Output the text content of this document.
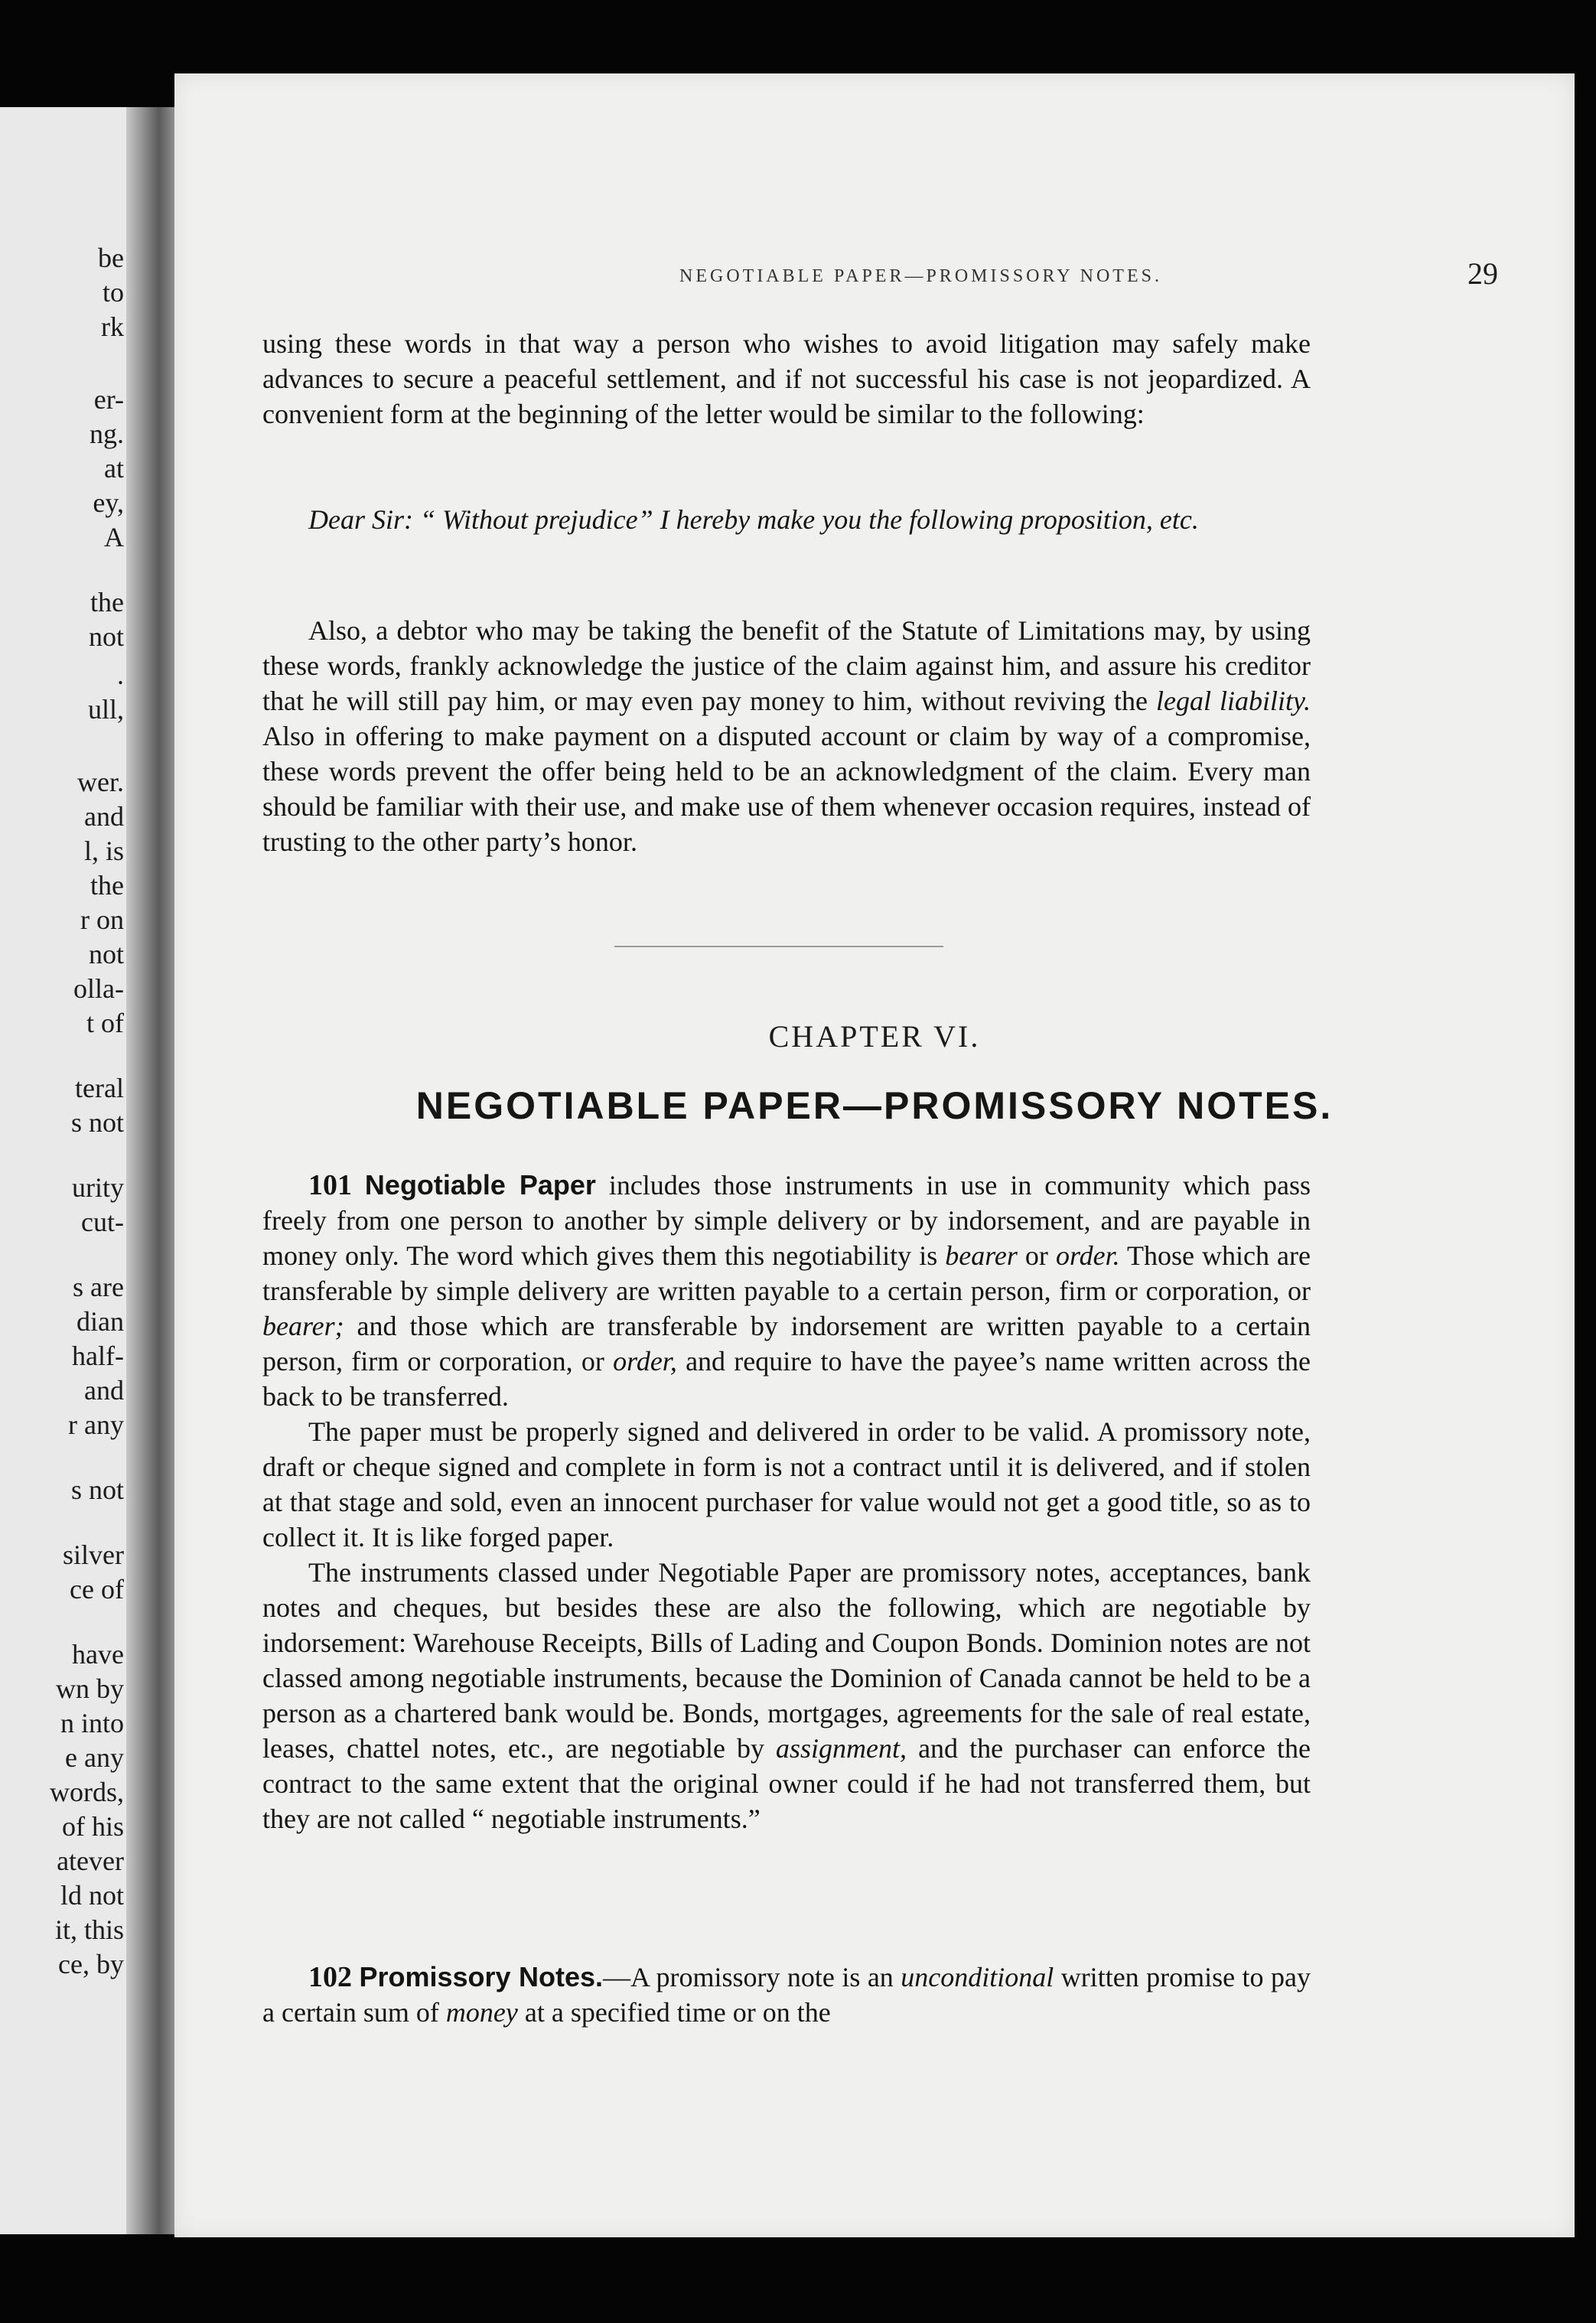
be
to
rk
er-
ng.
at
ey,
A
the
not
.
ull,
wer.
and
l, is
the
r on
not
olla-
t of
teral
s not
urity
cut-
s are
dian
half-
and
r any
s not
silver
ce of
have
wn by
n into
e any
words,
of his
atever
ld not
it, this
ce, by
NEGOTIABLE PAPER—PROMISSORY NOTES.	29

using these words in that way a person who wishes to avoid litigation may safely make advances to secure a peaceful settlement, and if not successful his case is not jeopardized. A convenient form at the beginning of the letter would be similar to the following:

Dear Sir: “ Without prejudice” I hereby make you the following proposition, etc.

Also, a debtor who may be taking the benefit of the Statute of Limitations may, by using these words, frankly acknowledge the justice of the claim against him, and assure his creditor that he will still pay him, or may even pay money to him, without reviving the legal liability. Also in offering to make payment on a disputed account or claim by way of a compromise, these words prevent the offer being held to be an acknowledgment of the claim. Every man should be familiar with their use, and make use of them whenever occasion requires, instead of trusting to the other party’s honor.

CHAPTER VI.
NEGOTIABLE PAPER—PROMISSORY NOTES.

101 Negotiable Paper includes those instruments in use in community which pass freely from one person to another by simple delivery or by indorsement, and are payable in money only. The word which gives them this negotiability is bearer or order. Those which are transferable by simple delivery are written payable to a certain person, firm or corporation, or bearer; and those which are transferable by indorsement are written payable to a certain person, firm or corporation, or order, and require to have the payee’s name written across the back to be transferred.

The paper must be properly signed and delivered in order to be valid. A promissory note, draft or cheque signed and complete in form is not a contract until it is delivered, and if stolen at that stage and sold, even an innocent purchaser for value would not get a good title, so as to collect it. It is like forged paper.

The instruments classed under Negotiable Paper are promissory notes, acceptances, bank notes and cheques, but besides these are also the following, which are negotiable by indorsement: Warehouse Receipts, Bills of Lading and Coupon Bonds. Dominion notes are not classed among negotiable instruments, because the Dominion of Canada cannot be held to be a person as a chartered bank would be. Bonds, mortgages, agreements for the sale of real estate, leases, chattel notes, etc., are negotiable by assignment, and the purchaser can enforce the contract to the same extent that the original owner could if he had not transferred them, but they are not called “ negotiable instruments.”

102 Promissory Notes.—A promissory note is an unconditional written promise to pay a certain sum of money at a specified time or on the
